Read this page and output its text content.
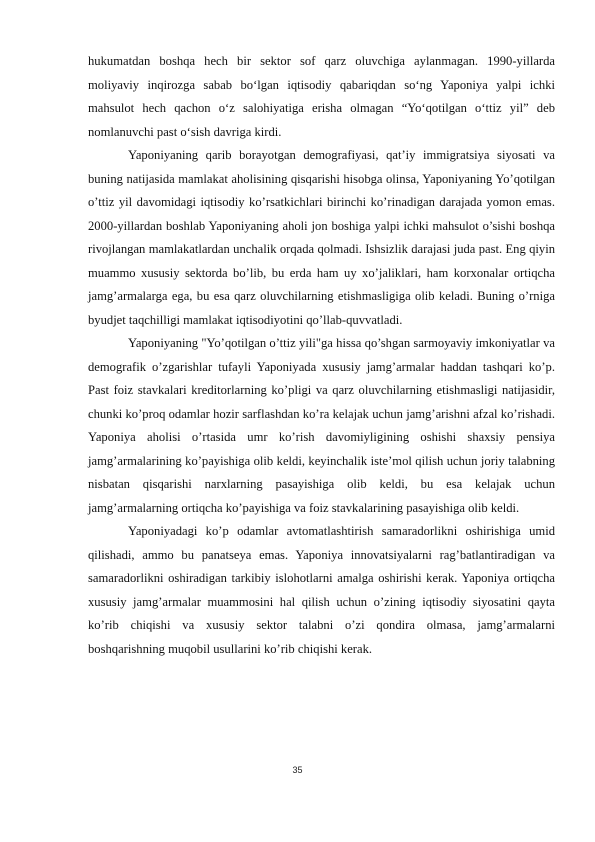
hukumatdan boshqa hech bir sektor sof qarz oluvchiga aylanmagan. 1990-yillarda moliyaviy inqirozga sabab bo‘lgan iqtisodiy qabariqdan so‘ng Yaponiya yalpi ichki mahsulot hech qachon o‘z salohiyatiga erisha olmagan “Yo‘qotilgan o‘ttiz yil” deb nomlanuvchi past o‘sish davriga kirdi.

Yaponiyaning qarib borayotgan demografiyasi, qat’iy immigratsiya siyosati va buning natijasida mamlakat aholisining qisqarishi hisobga olinsa, Yaponiyaning Yo’qotilgan o’ttiz yil davomidagi iqtisodiy ko’rsatkichlari birinchi ko’rinadigan darajada yomon emas. 2000-yillardan boshlab Yaponiyaning aholi jon boshiga yalpi ichki mahsulot o’sishi boshqa rivojlangan mamlakatlardan unchalik orqada qolmadi. Ishsizlik darajasi juda past. Eng qiyin muammo xususiy sektorda bo’lib, bu erda ham uy xo’jaliklari, ham korxonalar ortiqcha jamg’armalarga ega, bu esa qarz oluvchilarning etishmasligiga olib keladi. Buning o’rniga byudjet taqchilligi mamlakat iqtisodiyotini qo’llab-quvvatladi.

Yaponiyaning "Yo’qotilgan o’ttiz yili"ga hissa qo’shgan sarmoyaviy imkoniyatlar va demografik o’zgarishlar tufayli Yaponiyada xususiy jamg’armalar haddan tashqari ko’p. Past foiz stavkalari kreditorlarning ko’pligi va qarz oluvchilarning etishmasligi natijasidir, chunki ko’proq odamlar hozir sarflashdan ko’ra kelajak uchun jamg’arishni afzal ko’rishadi. Yaponiya aholisi o’rtasida umr ko’rish davomiyligining oshishi shaxsiy pensiya jamg’armalarining ko’payishiga olib keldi, keyinchalik iste’mol qilish uchun joriy talabning nisbatan qisqarishi narxlarning pasayishiga olib keldi, bu esa kelajak uchun jamg’armalarning ortiqcha ko’payishiga va foiz stavkalarining pasayishiga olib keldi.

Yaponiyadagi ko’p odamlar avtomatlashtirish samaradorlikni oshirishiga umid qilishadi, ammo bu panatseya emas. Yaponiya innovatsiyalarni rag’batlantiradigan va samaradorlikni oshiradigan tarkibiy islohotlarni amalga oshirishi kerak. Yaponiya ortiqcha xususiy jamg’armalar muammosini hal qilish uchun o’zining iqtisodiy siyosatini qayta ko’rib chiqishi va xususiy sektor talabni o’zi qondira olmasa, jamg’armalarni boshqarishning muqobil usullarini ko’rib chiqishi kerak.

35
